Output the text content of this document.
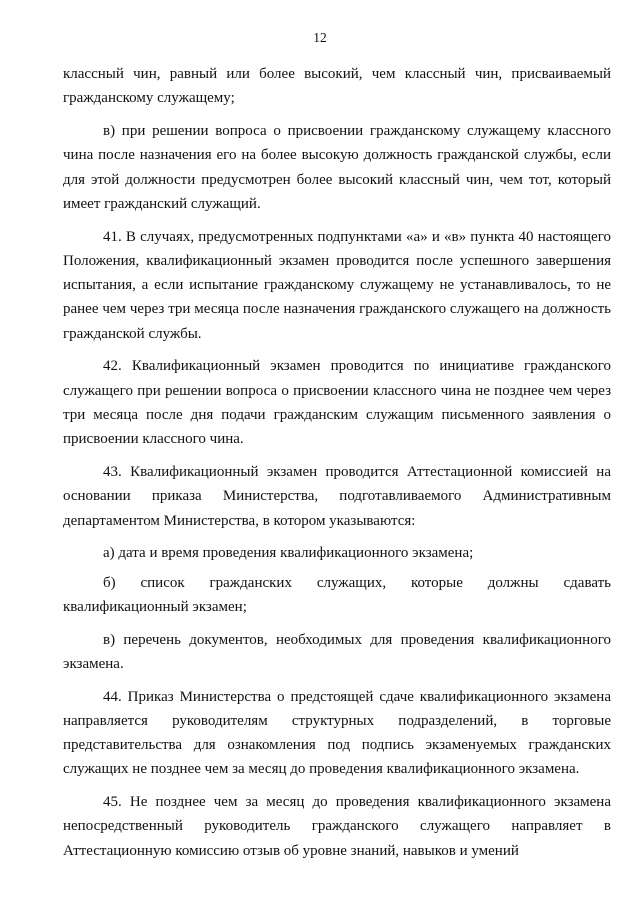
12

классный чин, равный или более высокий, чем классный чин, присваиваемый гражданскому служащему;

в) при решении вопроса о присвоении гражданскому служащему классного чина после назначения его на более высокую должность гражданской службы, если для этой должности предусмотрен более высокий классный чин, чем тот, который имеет гражданский служащий.

41. В случаях, предусмотренных подпунктами «а» и «в» пункта 40 настоящего Положения, квалификационный экзамен проводится после успешного завершения испытания, а если испытание гражданскому служащему не устанавливалось, то не ранее чем через три месяца после назначения гражданского служащего на должность гражданской службы.

42. Квалификационный экзамен проводится по инициативе гражданского служащего при решении вопроса о присвоении классного чина не позднее чем через три месяца после дня подачи гражданским служащим письменного заявления о присвоении классного чина.

43. Квалификационный экзамен проводится Аттестационной комиссией на основании приказа Министерства, подготавливаемого Административным департаментом Министерства, в котором указываются:

а) дата и время проведения квалификационного экзамена;

б) список гражданских служащих, которые должны сдавать квалификационный экзамен;

в) перечень документов, необходимых для проведения квалификационного экзамена.

44. Приказ Министерства о предстоящей сдаче квалификационного экзамена направляется руководителям структурных подразделений, в торговые представительства для ознакомления под подпись экзаменуемых гражданских служащих не позднее чем за месяц до проведения квалификационного экзамена.

45. Не позднее чем за месяц до проведения квалификационного экзамена непосредственный руководитель гражданского служащего направляет в Аттестационную комиссию отзыв об уровне знаний, навыков и умений
